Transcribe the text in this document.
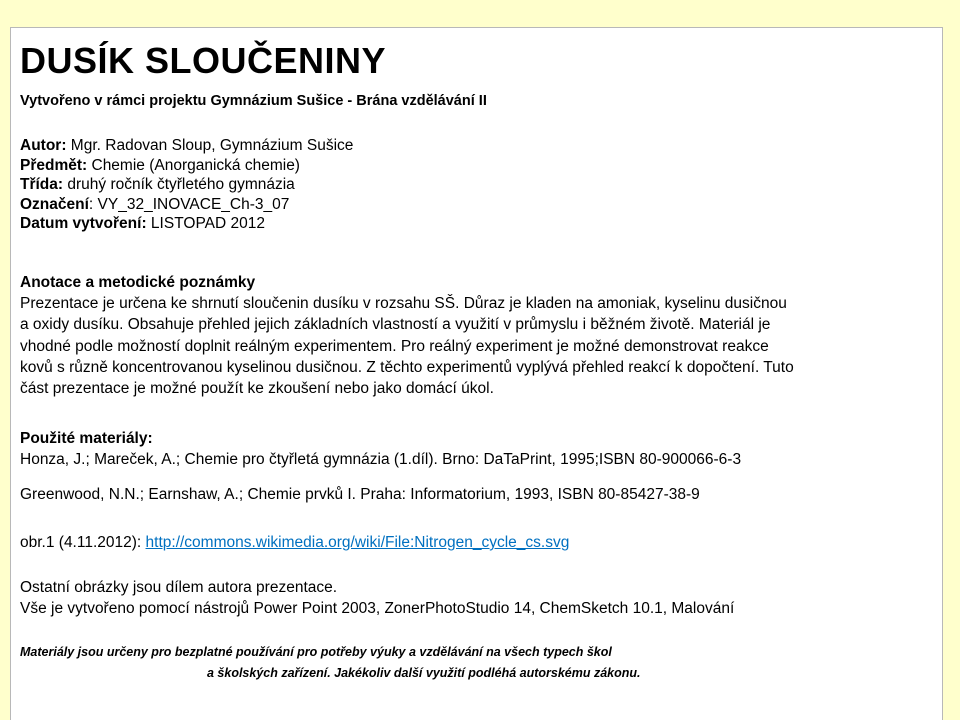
DUSÍK SLOUČENINY
Vytvořeno v rámci projektu Gymnázium Sušice - Brána vzdělávání II
Autor: Mgr. Radovan Sloup, Gymnázium Sušice
Předmět: Chemie (Anorganická chemie)
Třída: druhý ročník čtyřletého gymnázia
Označení: VY_32_INOVACE_Ch-3_07
Datum vytvoření: LISTOPAD 2012
Anotace a metodické poznámky
Prezentace je určena ke shrnutí sloučenin dusíku v rozsahu SŠ. Důraz je kladen na amoniak, kyselinu dusičnou
a oxidy dusíku. Obsahuje přehled jejich základních vlastností a využití v průmyslu i běžném životě. Materiál je
vhodné podle možností doplnit reálným experimentem. Pro reálný experiment je možné demonstrovat reakce
kovů s různě koncentrovanou kyselinou dusičnou. Z těchto experimentů vyplývá přehled reakcí k dopočtení. Tuto
část prezentace je možné použít ke zkoušení nebo jako domácí úkol.
Použité materiály:
Honza, J.; Mareček, A.; Chemie pro čtyřletá gymnázia (1.díl). Brno: DaTaPrint, 1995;ISBN 80-900066-6-3
Greenwood, N.N.; Earnshaw, A.; Chemie prvků I. Praha: Informatorium, 1993, ISBN 80-85427-38-9
obr.1 (4.11.2012): http://commons.wikimedia.org/wiki/File:Nitrogen_cycle_cs.svg
Ostatní obrázky jsou dílem autora prezentace.
Vše je vytvořeno pomocí nástrojů Power Point 2003, ZonerPhotoStudio 14, ChemSketch 10.1, Malování
Materiály jsou určeny pro bezplatné používání pro potřeby výuky a vzdělávání na všech typech škol
a školských zařízení. Jakékoliv další využití podléhá autorskému zákonu.
